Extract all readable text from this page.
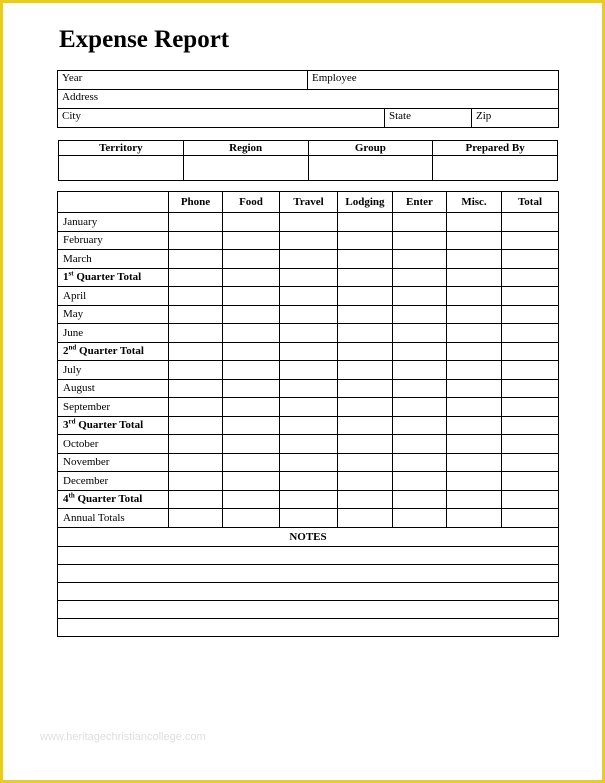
Expense Report
Year	Employee		
Address			
City		State	Zip
Territory	Region	Group	Prepared By

	Phone	Food	Travel	Lodging	Enter	Misc.	Total
January							
February							
March							
1st Quarter Total							
April							
May							
June							
2nd Quarter Total							
July							
August							
September							
3rd Quarter Total							
October							
November							
December							
4th Quarter Total							
Annual Totals							
NOTES							

www.heritagechristiancollege.com
